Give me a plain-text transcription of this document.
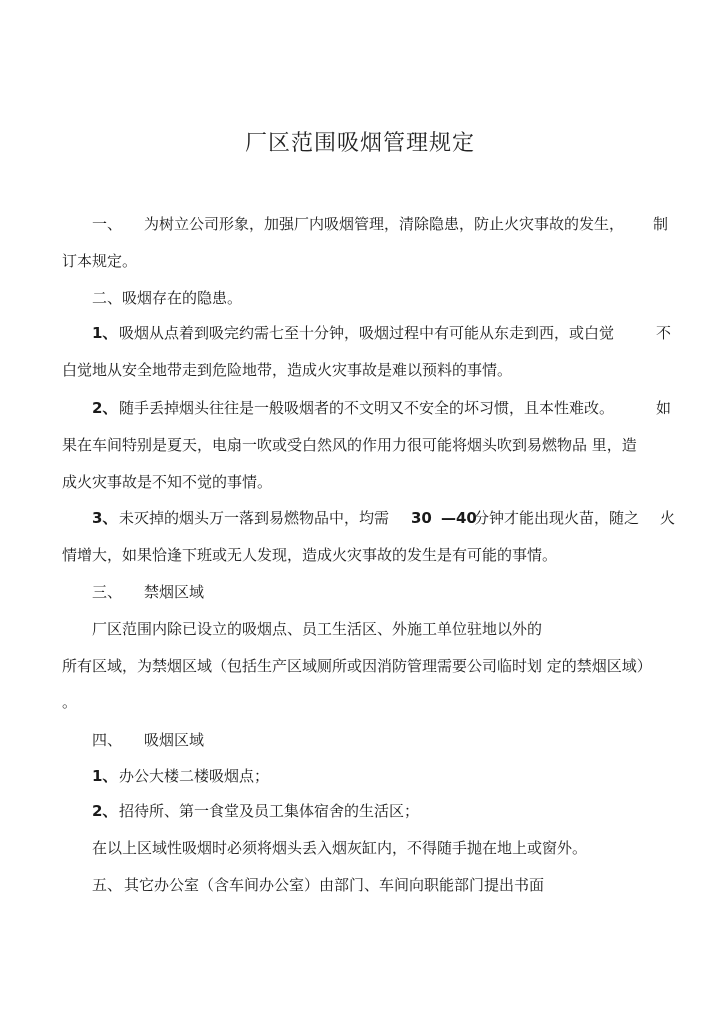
厂区范围吸烟管理规定

一、 为树立公司形象，加强厂内吸烟管理，清除隐患，防止火灾事故的发生， 制

订本规定。

二、吸烟存在的隐患。

1、 吸烟从点着到吸完约需七至十分钟，吸烟过程中有可能从东走到西，或白觉	不

白觉地从安全地带走到危险地带，造成火灾事故是难以预料的事情。

2、 随手丢掉烟头往往是一般吸烟者的不文明又不安全的坏习惯，且本性难改。	如

果在车间特别是夏天，电扇一吹或受白然风的作用力很可能将烟头吹到易燃物品 里，造

成火灾事故是不知不觉的事情。

3、 未灭掉的烟头万一落到易燃物品中，均需 30 —40

分钟才能出现火苗，随之 火

情增大，如果恰逢下班或无人发现，造成火灾事故的发生是有可能的事情。

三、 禁烟区域

厂区范围内除已设立的吸烟点、员工生活区、外施工单位驻地以外的

所有区域，为禁烟区域（包括生产区域厕所或因消防管理需要公司临时划 定的禁烟区域）

。

四、 吸烟区域

1、 办公大楼二楼吸烟点；

2、 招待所、第一食堂及员工集体宿舍的生活区；

在以上区域性吸烟时必须将烟头丢入烟灰缸内，不得随手抛在地上或窗外。

五、 其它办公室（含车间办公室）由部门、车间向职能部门提出书面
